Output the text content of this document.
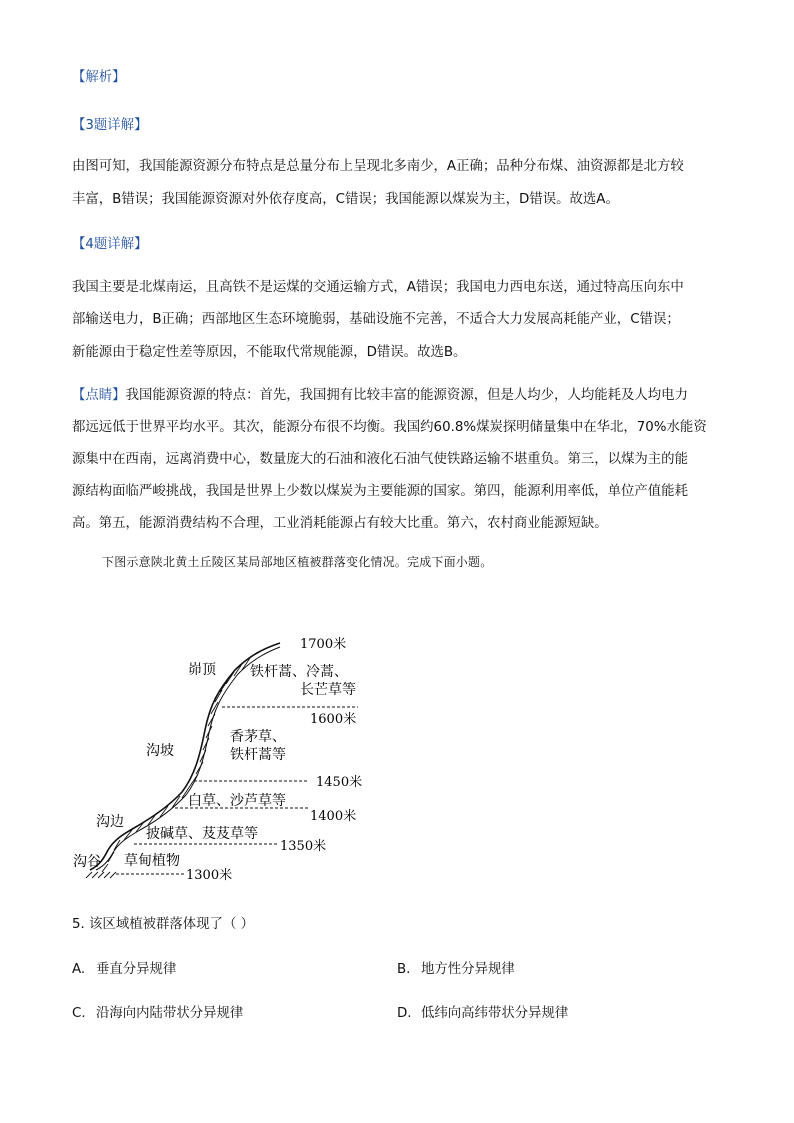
【解析】
【3题详解】
由图可知，我国能源资源分布特点是总量分布上呈现北多南少，A正确；品种分布煤、油资源都是北方较
丰富，B错误；我国能源资源对外依存度高，C错误；我国能源以煤炭为主，D错误。故选A。
【4题详解】
我国主要是北煤南运，且高铁不是运煤的交通运输方式，A错误；我国电力西电东送，通过特高压向东中
部输送电力，B正确；西部地区生态环境脆弱，基础设施不完善，不适合大力发展高耗能产业，C错误；
新能源由于稳定性差等原因，不能取代常规能源，D错误。故选B。
【点睛】我国能源资源的特点：首先，我国拥有比较丰富的能源资源，但是人均少，人均能耗及人均电力
都远远低于世界平均水平。其次，能源分布很不均衡。我国约60.8%煤炭探明储量集中在华北，70%水能资
源集中在西南，远离消费中心，数量庞大的石油和液化石油气使铁路运输不堪重负。第三，以煤为主的能
源结构面临严峻挑战，我国是世界上少数以煤炭为主要能源的国家。第四，能源利用率低，单位产值能耗
高。第五，能源消费结构不合理，工业消耗能源占有较大比重。第六，农村商业能源短缺。
下图示意陕北黄土丘陵区某局部地区植被群落变化情况。完成下面小题。
峁顶
沟坡
沟边
沟谷
1700米
1600米
1450米
1400米
1350米
1300米
铁杆蒿、冷蒿、
长芒草等
香茅草、
铁杆蒿等
白草、沙芦草等
披碱草、芨芨草等
草甸植物
5. 该区域植被群落体现了（ ）
A. 垂直分异规律	B. 地方性分异规律
C. 沿海向内陆带状分异规律	D. 低纬向高纬带状分异规律
